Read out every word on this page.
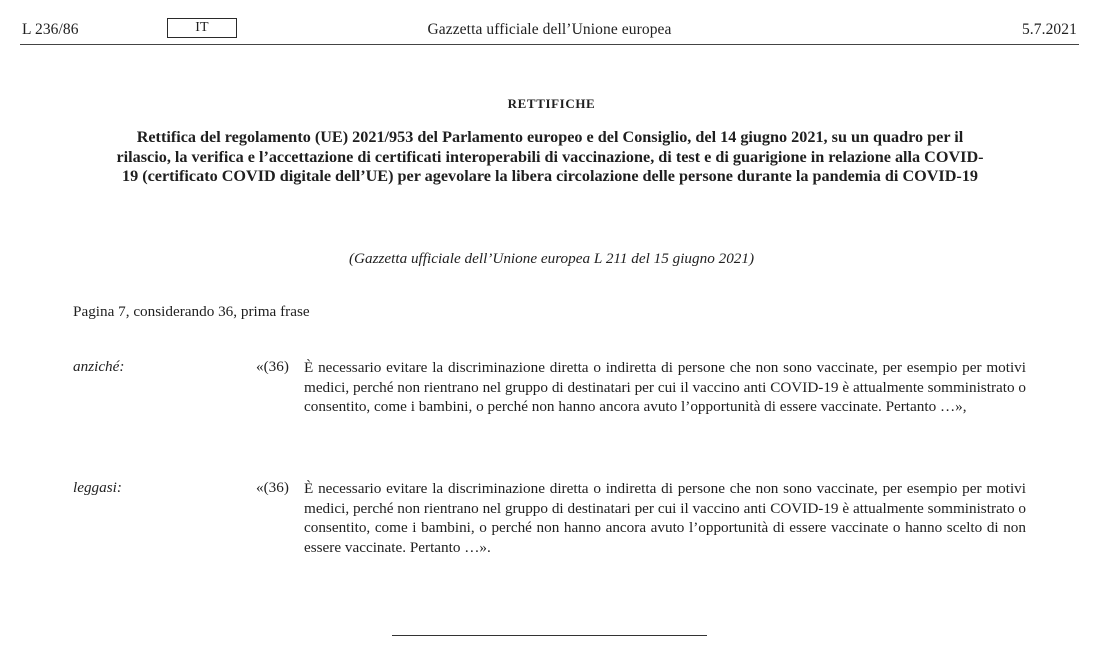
L 236/86	IT	Gazzetta ufficiale dell’Unione europea	5.7.2021
RETTIFICHE
Rettifica del regolamento (UE) 2021/953 del Parlamento europeo e del Consiglio, del 14 giugno 2021, su un quadro per il rilascio, la verifica e l’accettazione di certificati interoperabili di vaccinazione, di test e di guarigione in relazione alla COVID-19 (certificato COVID digitale dell’UE) per agevolare la libera circolazione delle persone durante la pandemia di COVID-19
(Gazzetta ufficiale dell’Unione europea L 211 del 15 giugno 2021)
Pagina 7, considerando 36, prima frase
anziché:	«(36) È necessario evitare la discriminazione diretta o indiretta di persone che non sono vaccinate, per esempio per motivi medici, perché non rientrano nel gruppo di destinatari per cui il vaccino anti COVID-19 è attualmente somministrato o consentito, come i bambini, o perché non hanno ancora avuto l’opportunità di essere vaccinate. Pertanto …»,
leggasi:	«(36) È necessario evitare la discriminazione diretta o indiretta di persone che non sono vaccinate, per esempio per motivi medici, perché non rientrano nel gruppo di destinatari per cui il vaccino anti COVID-19 è attualmente somministrato o consentito, come i bambini, o perché non hanno ancora avuto l’opportunità di essere vaccinate o hanno scelto di non essere vaccinate. Pertanto …».
